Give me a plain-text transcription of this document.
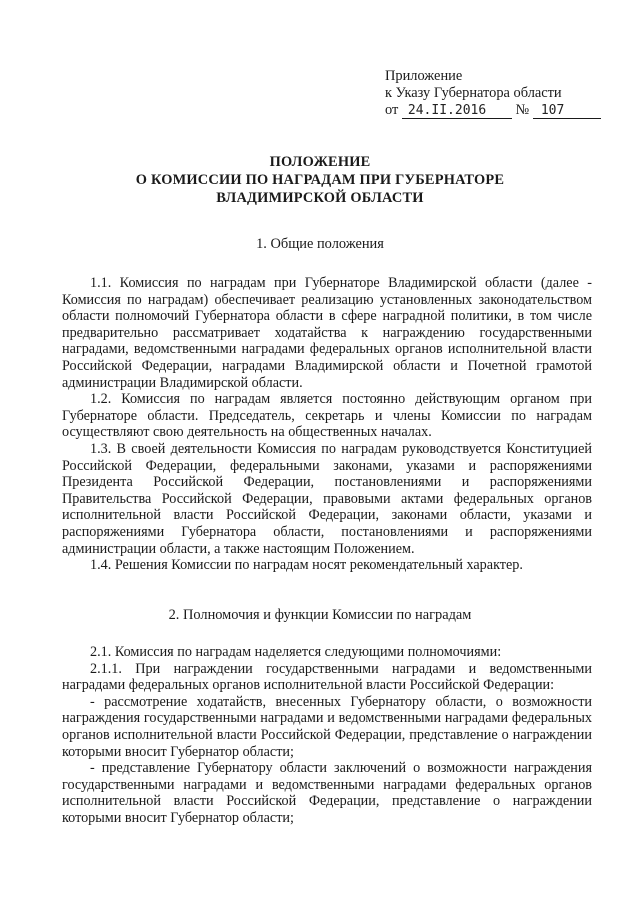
Приложение
к Указу Губернатора области
от 24.II.2016 № 107
ПОЛОЖЕНИЕ
О КОМИССИИ ПО НАГРАДАМ ПРИ ГУБЕРНАТОРЕ
ВЛАДИМИРСКОЙ ОБЛАСТИ
1. Общие положения

1.1. Комиссия по наградам при Губернаторе Владимирской области (далее - Комиссия по наградам) обеспечивает реализацию установленных законодательством области полномочий Губернатора области в сфере наградной политики, в том числе предварительно рассматривает ходатайства к награждению государственными наградами, ведомственными наградами федеральных органов исполнительной власти Российской Федерации, наградами Владимирской области и Почетной грамотой администрации Владимирской области.

1.2. Комиссия по наградам является постоянно действующим органом при Губернаторе области. Председатель, секретарь и члены Комиссии по наградам осуществляют свою деятельность на общественных началах.

1.3. В своей деятельности Комиссия по наградам руководствуется Конституцией Российской Федерации, федеральными законами, указами и распоряжениями Президента Российской Федерации, постановлениями и распоряжениями Правительства Российской Федерации, правовыми актами федеральных органов исполнительной власти Российской Федерации, законами области, указами и распоряжениями Губернатора области, постановлениями и распоряжениями администрации области, а также настоящим Положением.

1.4. Решения Комиссии по наградам носят рекомендательный характер.

2. Полномочия и функции Комиссии по наградам

2.1. Комиссия по наградам наделяется следующими полномочиями:

2.1.1. При награждении государственными наградами и ведомственными наградами федеральных органов исполнительной власти Российской Федерации:

- рассмотрение ходатайств, внесенных Губернатору области, о возможности награждения государственными наградами и ведомственными наградами федеральных органов исполнительной власти Российской Федерации, представление о награждении которыми вносит Губернатор области;

- представление Губернатору области заключений о возможности награждения государственными наградами и ведомственными наградами федеральных органов исполнительной власти Российской Федерации, представление о награждении которыми вносит Губернатор области;
